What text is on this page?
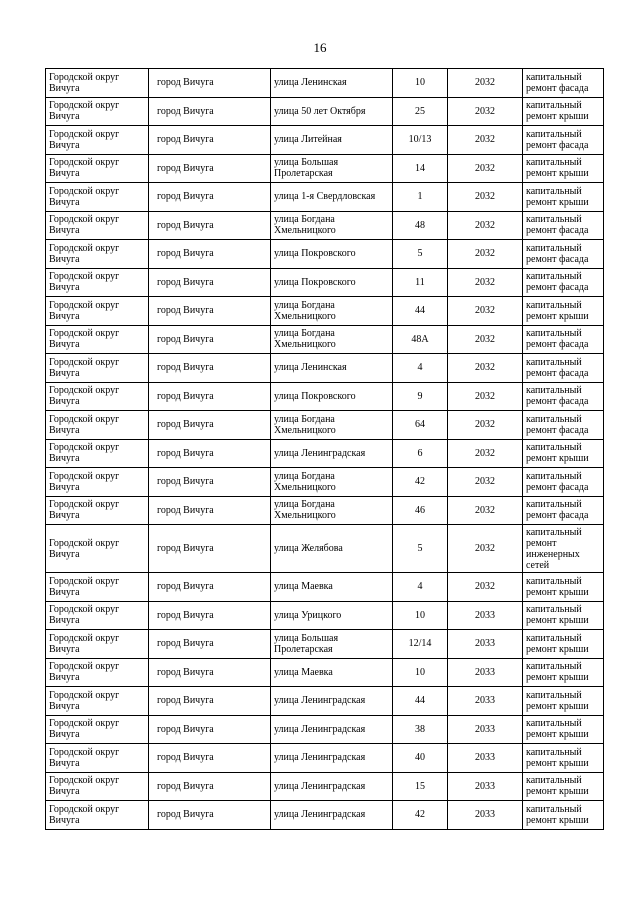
16
Городской округ Вичуга	город Вичуга	улица Ленинская	10	2032	капитальный ремонт фасада

Городской округ Вичуга	город Вичуга	улица 50 лет Октября	25	2032	капитальный ремонт крыши

Городской округ Вичуга	город Вичуга	улица Литейная	10/13	2032	капитальный ремонт фасада

Городской округ Вичуга	город Вичуга	улица Большая Пролетарская	14	2032	капитальный ремонт крыши

Городской округ Вичуга	город Вичуга	улица 1-я Свердловская	1	2032	капитальный ремонт крыши

Городской округ Вичуга	город Вичуга	улица Богдана Хмельницкого	48	2032	капитальный ремонт фасада

Городской округ Вичуга	город Вичуга	улица Покровского	5	2032	капитальный ремонт фасада

Городской округ Вичуга	город Вичуга	улица Покровского	11	2032	капитальный ремонт фасада

Городской округ Вичуга	город Вичуга	улица Богдана Хмельницкого	44	2032	капитальный ремонт крыши

Городской округ Вичуга	город Вичуга	улица Богдана Хмельницкого	48А	2032	капитальный ремонт фасада

Городской округ Вичуга	город Вичуга	улица Ленинская	4	2032	капитальный ремонт фасада

Городской округ Вичуга	город Вичуга	улица Покровского	9	2032	капитальный ремонт фасада

Городской округ Вичуга	город Вичуга	улица Богдана Хмельницкого	64	2032	капитальный ремонт фасада

Городской округ Вичуга	город Вичуга	улица Ленинградская	6	2032	капитальный ремонт крыши

Городской округ Вичуга	город Вичуга	улица Богдана Хмельницкого	42	2032	капитальный ремонт фасада

Городской округ Вичуга	город Вичуга	улица Богдана Хмельницкого	46	2032	капитальный ремонт фасада

Городской округ Вичуга	город Вичуга	улица Желябова	5	2032	капитальный ремонт инженерных сетей

Городской округ Вичуга	город Вичуга	улица Маевка	4	2032	капитальный ремонт крыши

Городской округ Вичуга	город Вичуга	улица Урицкого	10	2033	капитальный ремонт крыши

Городской округ Вичуга	город Вичуга	улица Большая Пролетарская	12/14	2033	капитальный ремонт крыши

Городской округ Вичуга	город Вичуга	улица Маевка	10	2033	капитальный ремонт крыши

Городской округ Вичуга	город Вичуга	улица Ленинградская	44	2033	капитальный ремонт крыши

Городской округ Вичуга	город Вичуга	улица Ленинградская	38	2033	капитальный ремонт крыши

Городской округ Вичуга	город Вичуга	улица Ленинградская	40	2033	капитальный ремонт крыши

Городской округ Вичуга	город Вичуга	улица Ленинградская	15	2033	капитальный ремонт крыши

Городской округ Вичуга	город Вичуга	улица Ленинградская	42	2033	капитальный ремонт крыши
